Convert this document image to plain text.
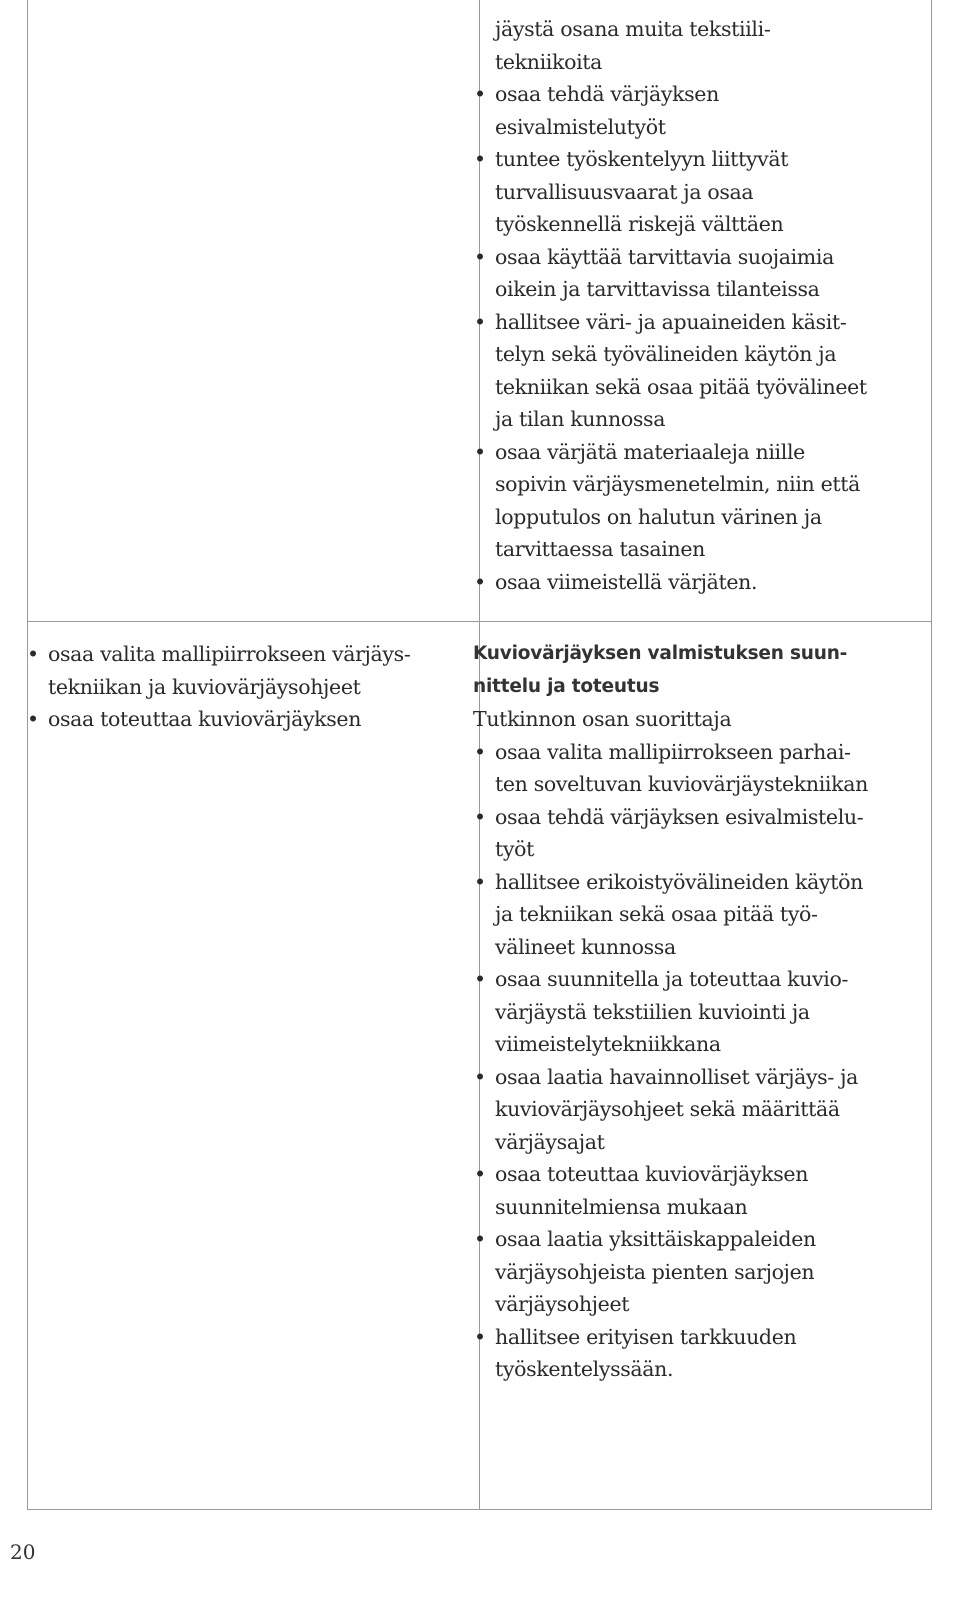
jäystä osana muita tekstiili-
tekniikoita
• osaa tehdä värjäyksen
esivalmistelutyöt
• tuntee työskentelyyn liittyvät
turvallisuusvaarat ja osaa
työskennellä riskejä välttäen
• osaa käyttää tarvittavia suojaimia
oikein ja tarvittavissa tilanteissa
• hallitsee väri- ja apuaineiden käsit-
telyn sekä työvälineiden käytön ja
tekniikan sekä osaa pitää työvälineet
ja tilan kunnossa
• osaa värjätä materiaaleja niille
sopivin värjäysmenetelmin, niin että
lopputulos on halutun värinen ja
tarvittaessa tasainen
• osaa viimeistellä värjäten.
• osaa valita mallipiirrokseen värjäys-
tekniikan ja kuviovärjäysohjeet
• osaa toteuttaa kuviovärjäyksen
Kuviovärjäyksen valmistuksen suun-
nittelu ja toteutus
Tutkinnon osan suorittaja
• osaa valita mallipiirrokseen parhai-
ten soveltuvan kuviovärjäystekniikan
• osaa tehdä värjäyksen esivalmistelu-
työt
• hallitsee erikoistyövälineiden käytön
ja tekniikan sekä osaa pitää työ-
välineet kunnossa
• osaa suunnitella ja toteuttaa kuvio-
värjäystä tekstiilien kuviointi ja
viimeistelytekniikkana
• osaa laatia havainnolliset värjäys- ja
kuviovärjäysohjeet sekä määrittää
värjäysajat
• osaa toteuttaa kuviovärjäyksen
suunnitelmiensa mukaan
• osaa laatia yksittäiskappaleiden
värjäysohjeista pienten sarjojen
värjäysohjeet
• hallitsee erityisen tarkkuuden
työskentelyssään.
20
